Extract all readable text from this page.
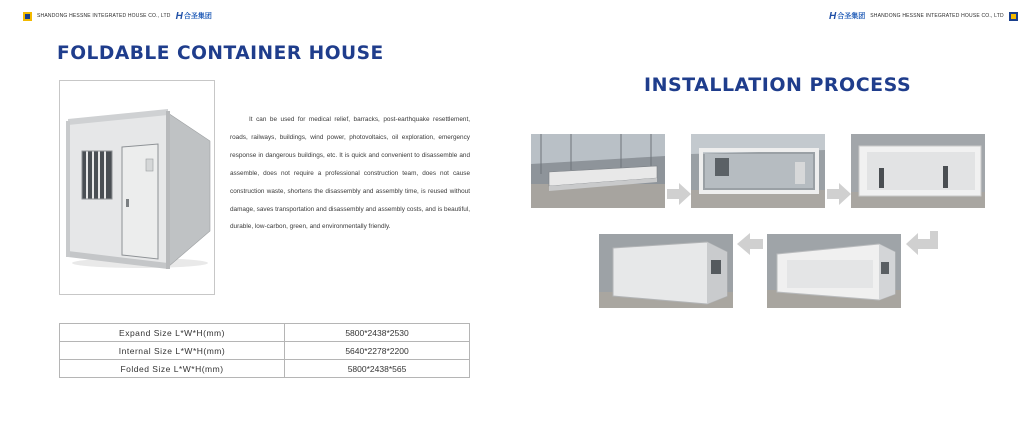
SHANDONG HESSNE INTEGRATED HOUSE CO., LTD H 合圣集团	H 合圣集团 SHANDONG HESSNE INTEGRATED HOUSE CO., LTD
FOLDABLE CONTAINER HOUSE
INSTALLATION PROCESS
It can be used for medical relief, barracks, post-earthquake resettlement, roads, railways, buildings, wind power, photovoltaics, oil exploration, emergency response in dangerous buildings, etc. It is quick and convenient to disassemble and assemble, does not require a professional construction team, does not cause construction waste, shortens the disassembly and assembly time, is reused without damage, saves transportation and disassembly and assembly costs, and is beautiful, durable, low-carbon, green, and environmentally friendly.
Expand Size L*W*H(mm)	5800*2438*2530
Internal Size L*W*H(mm)	5640*2278*2200
Folded Size L*W*H(mm)	5800*2438*565
